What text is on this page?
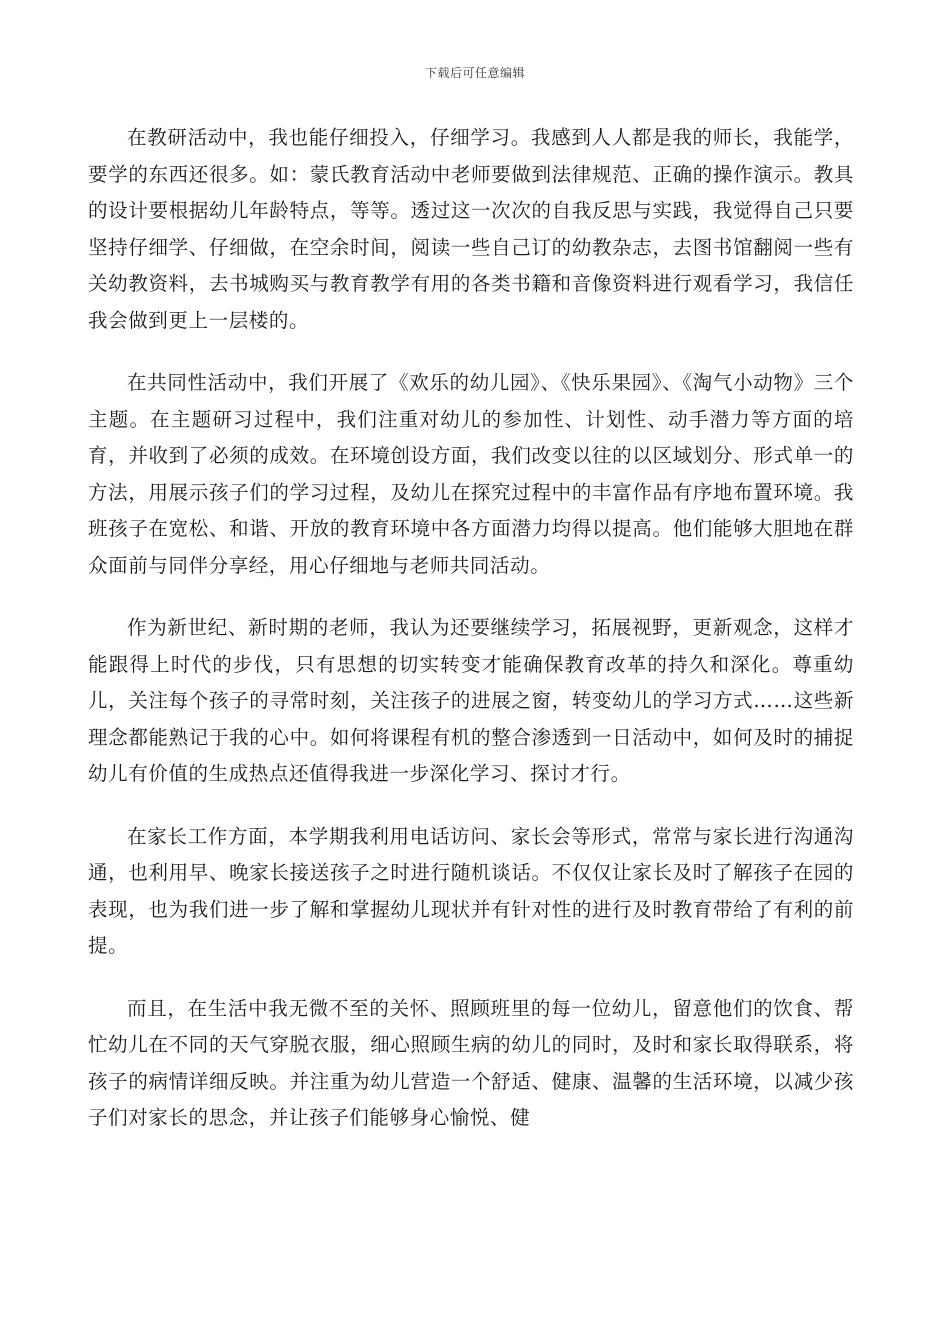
下载后可任意编辑

在教研活动中，我也能仔细投入，仔细学习。我感到人人都是我的师长，我能学，要学的东西还很多。如：蒙氏教育活动中老师要做到法律规范、正确的操作演示。教具的设计要根据幼儿年龄特点，等等。透过这一次次的自我反思与实践，我觉得自己只要坚持仔细学、仔细做，在空余时间，阅读一些自己订的幼教杂志，去图书馆翻阅一些有关幼教资料，去书城购买与教育教学有用的各类书籍和音像资料进行观看学习，我信任我会做到更上一层楼的。

在共同性活动中，我们开展了《欢乐的幼儿园》、《快乐果园》、《淘气小动物》三个主题。在主题研习过程中，我们注重对幼儿的参加性、计划性、动手潜力等方面的培育，并收到了必须的成效。在环境创设方面，我们改变以往的以区域划分、形式单一的方法，用展示孩子们的学习过程，及幼儿在探究过程中的丰富作品有序地布置环境。我班孩子在宽松、和谐、开放的教育环境中各方面潜力均得以提高。他们能够大胆地在群众面前与同伴分享经，用心仔细地与老师共同活动。

作为新世纪、新时期的老师，我认为还要继续学习，拓展视野，更新观念，这样才能跟得上时代的步伐，只有思想的切实转变才能确保教育改革的持久和深化。尊重幼儿，关注每个孩子的寻常时刻，关注孩子的进展之窗，转变幼儿的学习方式……这些新理念都能熟记于我的心中。如何将课程有机的整合渗透到一日活动中，如何及时的捕捉幼儿有价值的生成热点还值得我进一步深化学习、探讨才行。

在家长工作方面，本学期我利用电话访问、家长会等形式，常常与家长进行沟通沟通，也利用早、晚家长接送孩子之时进行随机谈话。不仅仅让家长及时了解孩子在园的表现，也为我们进一步了解和掌握幼儿现状并有针对性的进行及时教育带给了有利的前提。

而且，在生活中我无微不至的关怀、照顾班里的每一位幼儿，留意他们的饮食、帮忙幼儿在不同的天气穿脱衣服，细心照顾生病的幼儿的同时，及时和家长取得联系，将孩子的病情详细反映。并注重为幼儿营造一个舒适、健康、温馨的生活环境，以减少孩子们对家长的思念，并让孩子们能够身心愉悦、健
